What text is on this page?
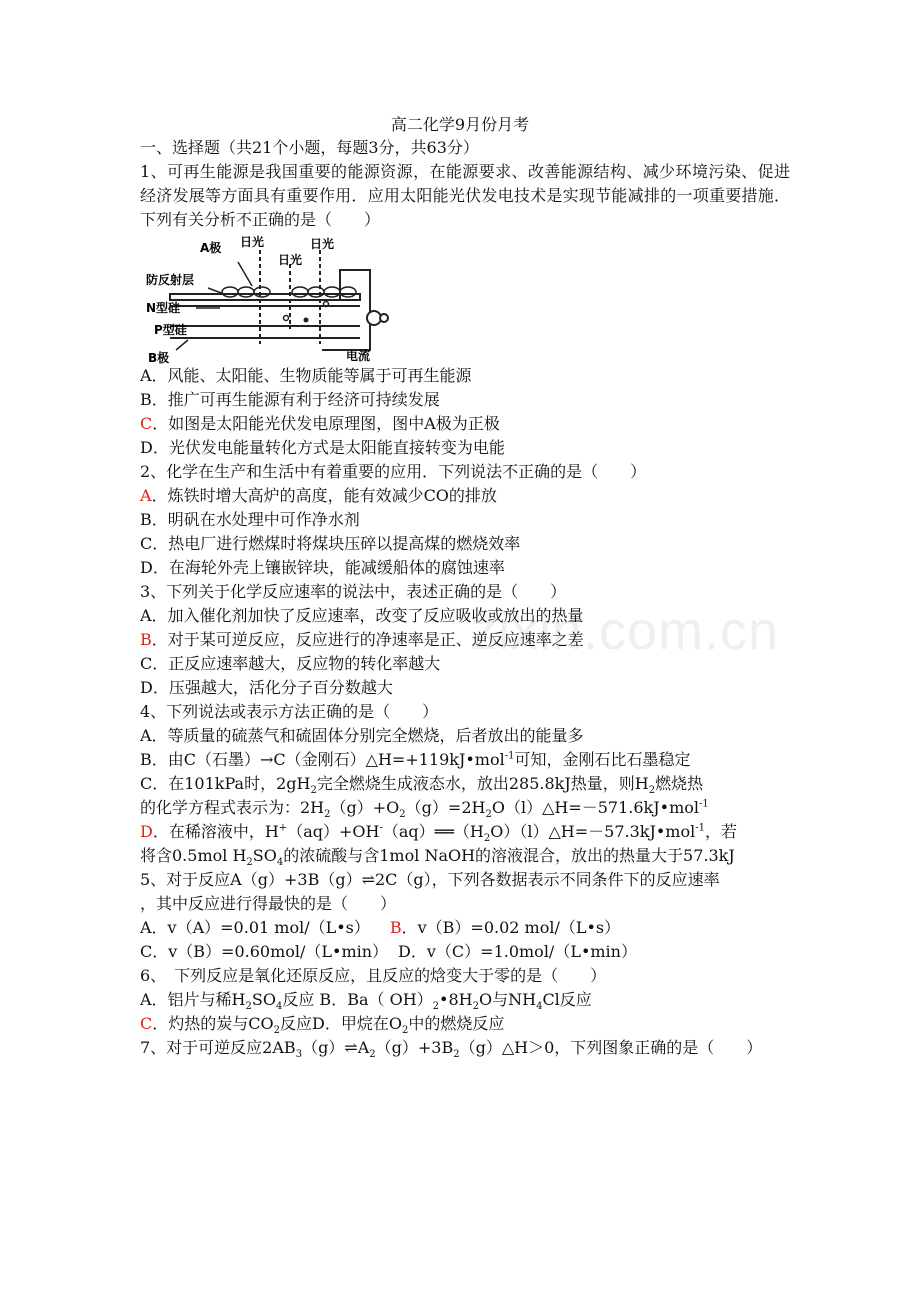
zixin.com.cn
高二化学9月份月考
一、选择题（共21个小题，每题3分，共63分）
1、可再生能源是我国重要的能源资源，在能源要求、改善能源结构、减少环境污染、促进经济发展等方面具有重要作用．应用太阳能光伏发电技术是实现节能减排的一项重要措施．下列有关分析不正确的是（　　）
A极 日光
日光
日光
防反射层
N型硅
P型硅
B极	电流
A．风能、太阳能、生物质能等属于可再生能源
B．推广可再生能源有利于经济可持续发展
C．如图是太阳能光伏发电原理图，图中A极为正极
D．光伏发电能量转化方式是太阳能直接转变为电能
2、化学在生产和生活中有着重要的应用．下列说法不正确的是（　　）
A．炼铁时增大高炉的高度，能有效减少CO的排放
B．明矾在水处理中可作净水剂
C．热电厂进行燃煤时将煤块压碎以提高煤的燃烧效率
D．在海轮外壳上镶嵌锌块，能减缓船体的腐蚀速率
3、下列关于化学反应速率的说法中，表述正确的是（　　）
A．加入催化剂加快了反应速率，改变了反应吸收或放出的热量
B．对于某可逆反应，反应进行的净速率是正、逆反应速率之差
C．正反应速率越大，反应物的转化率越大
D．压强越大，活化分子百分数越大
4、下列说法或表示方法正确的是（　　）
A．等质量的硫蒸气和硫固体分别完全燃烧，后者放出的能量多
B．由C（石墨）→C（金刚石）△H=+119kJ•mol$^{-1}$可知，金刚石比石墨稳定
C．在101kPa时，$2gH_2$完全燃烧生成液态水，放出285.8kJ热量，则$H_2$燃烧热
的化学方程式表示为：$2H_2(g)+O_2(g)=2H_2O(l)\triangle H=-571.6kJ•mol^{-1}$
D．在稀溶液中，$H^+(aq)+OH^-(aq)══(H_2O)(l)\triangle H=-57.3kJ•mol^{-1}$，若
将含0.5mol $H_2SO_4$的浓硫酸与含1mol NaOH的溶液混合，放出的热量大于57.3kJ
5、对于反应A（g）+3B（g）⇌2C（g），下列各数据表示不同条件下的反应速率
，其中反应进行得最快的是（　　）
A．v（A）=0.01 mol/（L•s） B．v（B）=0.02 mol/（L•s）
C．v（B）=0.60mol/（L•min） D．v（C）=1.0mol/（L•min）
6、　下列反应是氧化还原反应，且反应的焓变大于零的是（　　）
A．铝片与稀$H_2SO_4$反应 B．Ba（ $OH)_2•8H_2O$与$NH_4Cl$反应
C．灼热的炭与$CO_2$反应D．甲烷在$O_2$中的燃烧反应
7、对于可逆反应$2AB_3(g)\rightleftharpoons A_2(g)+3B_2(g)\triangle H>0$，下列图象正确的是（　　）
